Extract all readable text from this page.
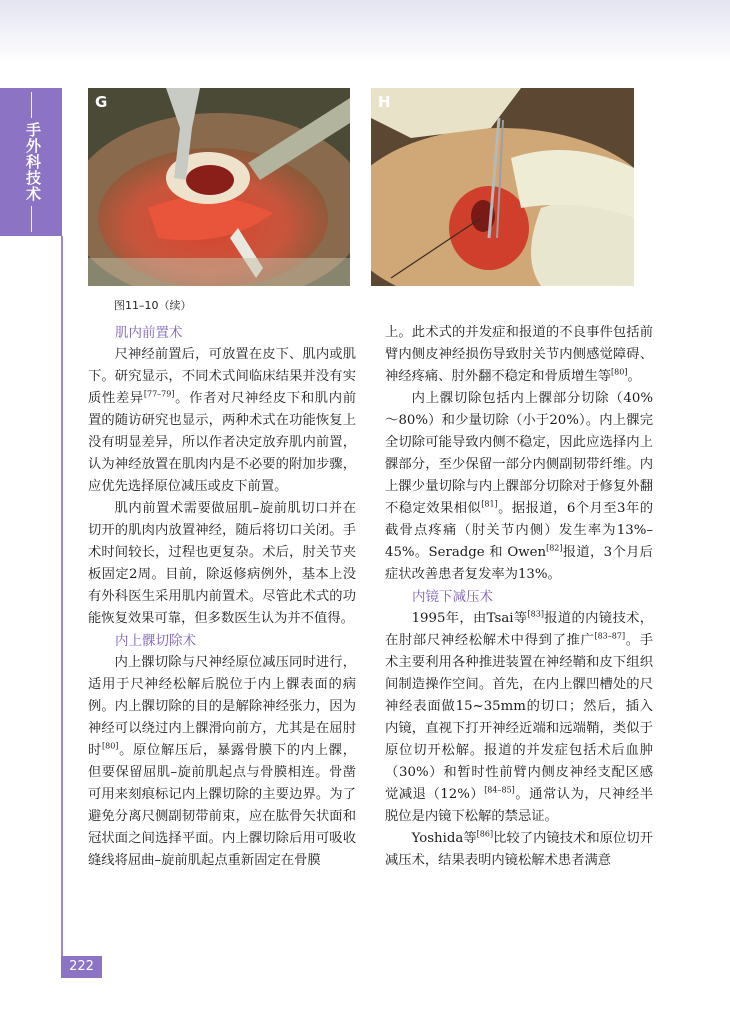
手外科技术
G	H
图11–10（续）

肌内前置术

尺神经前置后，可放置在皮下、肌内或肌下。研究显示，不同术式间临床结果并没有实质性差异[77–79]。作者对尺神经皮下和肌内前置的随访研究也显示，两种术式在功能恢复上没有明显差异，所以作者决定放弃肌内前置，认为神经放置在肌肉内是不必要的附加步骤，应优先选择原位减压或皮下前置。

肌内前置术需要做屈肌–旋前肌切口并在切开的肌肉内放置神经，随后将切口关闭。手术时间较长，过程也更复杂。术后，肘关节夹板固定2周。目前，除返修病例外，基本上没有外科医生采用肌内前置术。尽管此术式的功能恢复效果可靠，但多数医生认为并不值得。

内上髁切除术

内上髁切除与尺神经原位减压同时进行，适用于尺神经松解后脱位于内上髁表面的病例。内上髁切除的目的是解除神经张力，因为神经可以绕过内上髁滑向前方，尤其是在屈肘时[80]。原位解压后，暴露骨膜下的内上髁，但要保留屈肌–旋前肌起点与骨膜相连。骨凿可用来刻痕标记内上髁切除的主要边界。为了避免分离尺侧副韧带前束，应在肱骨矢状面和冠状面之间选择平面。内上髁切除后用可吸收缝线将屈曲–旋前肌起点重新固定在骨膜

上。此术式的并发症和报道的不良事件包括前臂内侧皮神经损伤导致肘关节内侧感觉障碍、神经疼痛、肘外翻不稳定和骨质增生等[80]。

内上髁切除包括内上髁部分切除（40%～80%）和少量切除（小于20%）。内上髁完全切除可能导致内侧不稳定，因此应选择内上髁部分，至少保留一部分内侧副韧带纤维。内上髁少量切除与内上髁部分切除对于修复外翻不稳定效果相似[81]。据报道，6个月至3年的截骨点疼痛（肘关节内侧）发生率为13%–45%。Seradge 和 Owen[82]报道，3个月后症状改善患者复发率为13%。

内镜下减压术

1995年，由Tsai等[83]报道的内镜技术，在肘部尺神经松解术中得到了推广[83–87]。手术主要利用各种推进装置在神经鞘和皮下组织间制造操作空间。首先，在内上髁凹槽处的尺神经表面做15~35mm的切口；然后，插入内镜，直视下打开神经近端和远端鞘，类似于原位切开松解。报道的并发症包括术后血肿（30%）和暂时性前臂内侧皮神经支配区感觉减退（12%）[84–85]。通常认为，尺神经半脱位是内镜下松解的禁忌证。

Yoshida等[86]比较了内镜技术和原位切开减压术，结果表明内镜松解术患者满意

222
